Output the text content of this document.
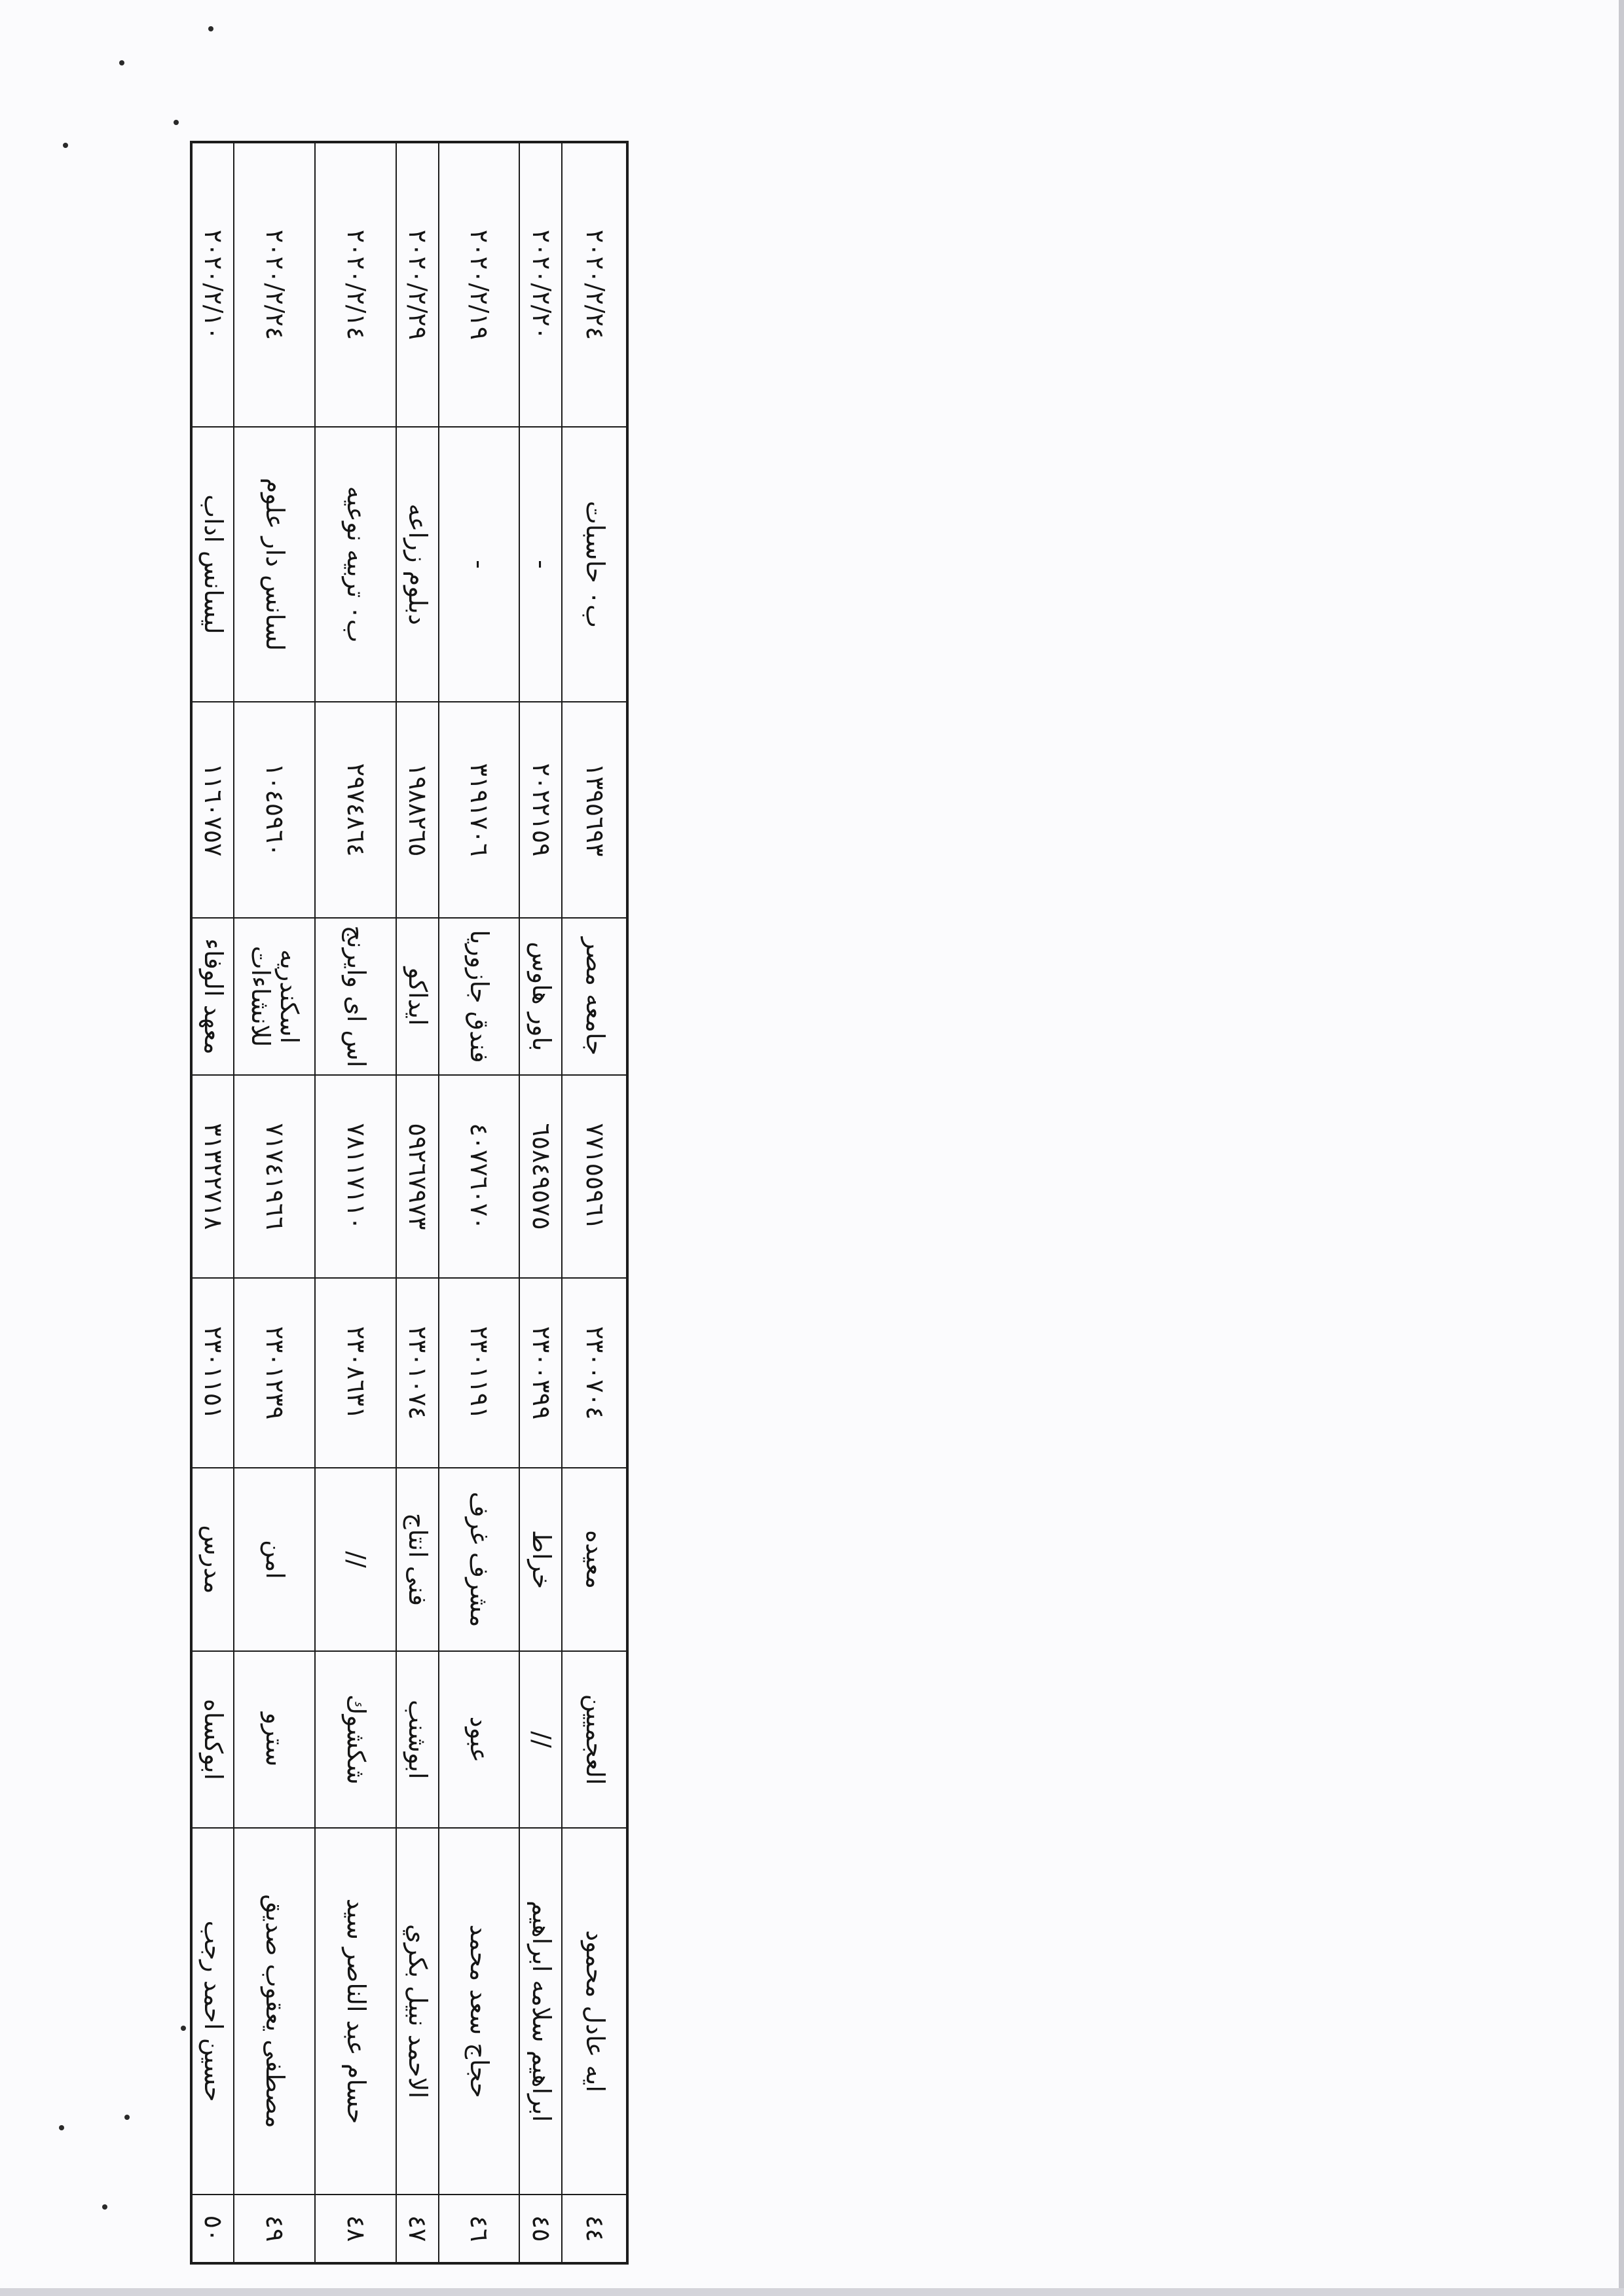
٤٤	ايه عادل محمود	العجميين	معيده	٢٣٠٠٧٠٤	٧٧١٥٥٩٦١	جامعه مصر	١٣٩٥٦٩٣	ب٠ حاسبات	٢٠٢٠/٢/٢٤
٤٥	ابراهيم سلامه ابراهيم	//	خراط	٢٣٠٠٣٩٩	٦٥٨٤٩٥٧٥	باور هاوس	٢٠٢٢١٥٩	-	٢٠٢٠/٢/٢٠
٤٦	حجاج سعد محمد	عبود	مشرف غرف	٢٣٠١١٩١	٤٠٧٧٦٠٧٠	فندق جازوريا	٣١٩١٧٠٦	-	٢٠٢٠/٢/١٩
٤٧	الاحمد نبيل بكري	ابوشنب	فنى انتاج	٢٣٠١٠٧٤	٥٩٢٦٧٩٧٣	ايداكو	١٩٨٨٢٦٥	دبلوم زراعه	٢٠٢٠/٢/٢٩
٤٨	حسام عبد الناصر سيد	شكشوك	//	٢٣٠٨٦٣١	٧٨١١٧١١٠	اس اى وايرنج	٢٩٧٤٨٦٤	ب٠ تربيه نوعيه	٢٠٢٠/٢/١٤
٤٩	مصطفى يعقوب صديق	سترو	امن	٢٣٠١٢٣٩	٧١٧٤١٩٦٦	اسكندريه للانشاءات	١٠٤٥٩٦٠	لسانس دار علوم	٢٠٢٠/٢/٢٤
٥٠	حسين احمد رجب	ابوكساه	مدرس	٢٣٠١١٥١	٣١٣٢٢٧١٨	معهد الوفاء	١١٦٠٧٥٧	ليسانس اداب	٢٠٢٠/٢/١٠
